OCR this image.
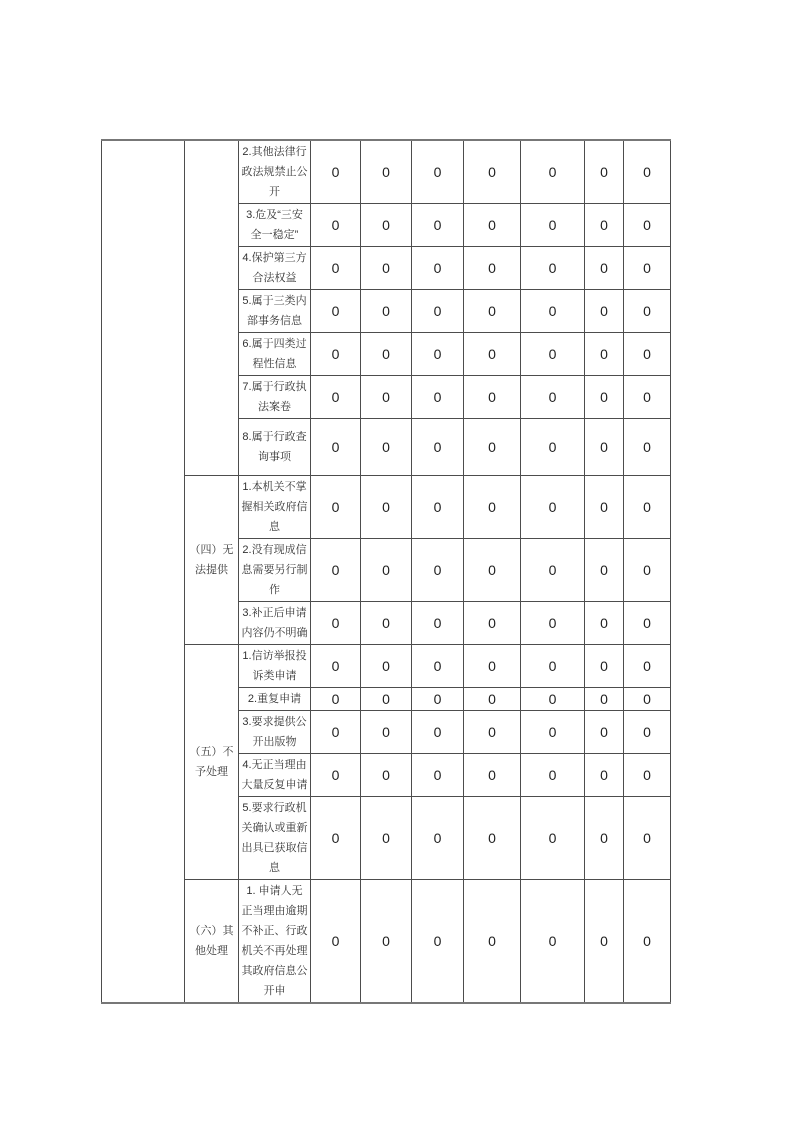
		2.其他法律行政法规禁止公开	0	0	0	0	0	0	0
		3.危及“三安全一稳定”	0	0	0	0	0	0	0
		4.保护第三方合法权益	0	0	0	0	0	0	0
		5.属于三类内部事务信息	0	0	0	0	0	0	0
		6.属于四类过程性信息	0	0	0	0	0	0	0
		7.属于行政执法案卷	0	0	0	0	0	0	0
		8.属于行政查询事项	0	0	0	0	0	0	0
	（四）无法提供	1.本机关不掌握相关政府信息	0	0	0	0	0	0	0
		2.没有现成信息需要另行制作	0	0	0	0	0	0	0
		3.补正后申请内容仍不明确	0	0	0	0	0	0	0
	（五）不予处理	1.信访举报投诉类申请	0	0	0	0	0	0	0
		2.重复申请	0	0	0	0	0	0	0
		3.要求提供公开出版物	0	0	0	0	0	0	0
		4.无正当理由大量反复申请	0	0	0	0	0	0	0
		5.要求行政机关确认或重新出具已获取信息	0	0	0	0	0	0	0
	（六）其他处理	1. 申请人无正当理由逾期不补正、行政机关不再处理其政府信息公开申	0	0	0	0	0	0	0
